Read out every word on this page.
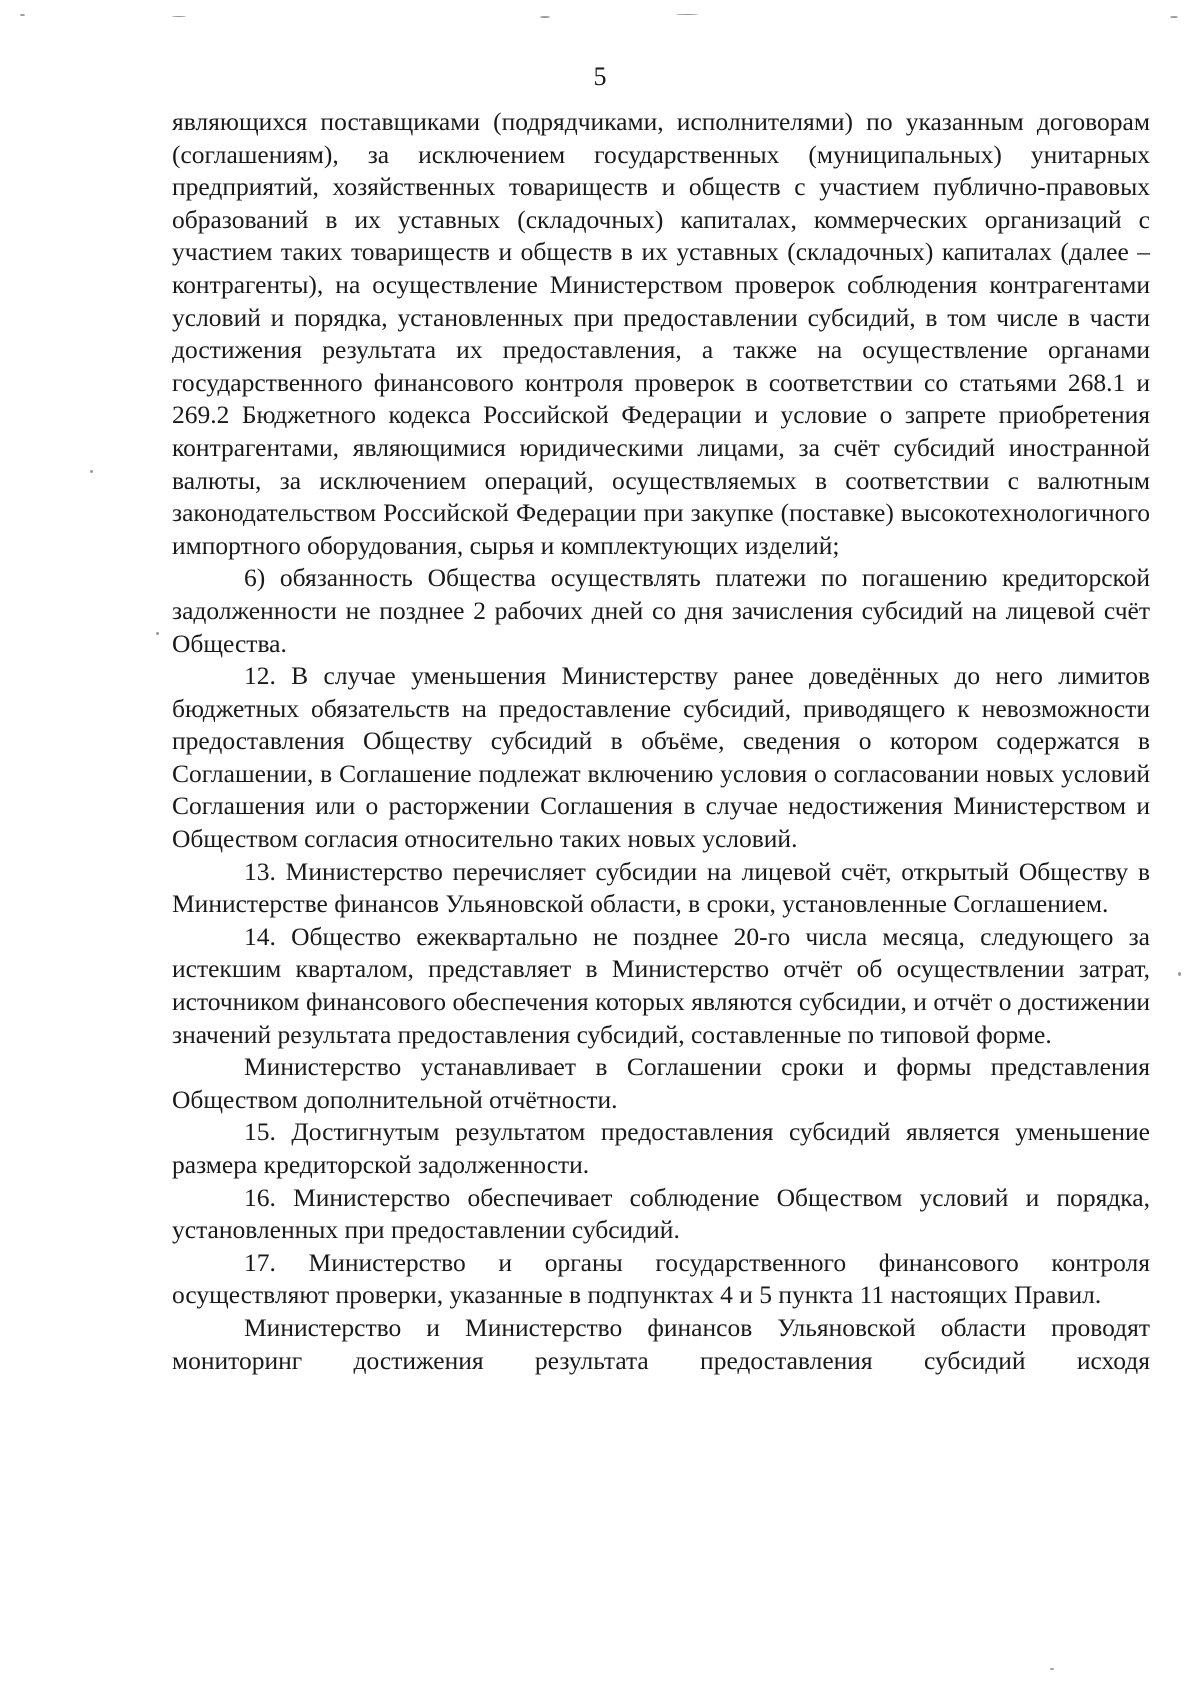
5

являющихся поставщиками (подрядчиками, исполнителями) по указанным договорам (соглашениям), за исключением государственных (муниципальных) унитарных предприятий, хозяйственных товариществ и обществ с участием публично-правовых образований в их уставных (складочных) капиталах, коммерческих организаций с участием таких товариществ и обществ в их уставных (складочных) капиталах (далее – контрагенты), на осуществление Министерством проверок соблюдения контрагентами условий и порядка, установленных при предоставлении субсидий, в том числе в части достижения результата их предоставления, а также на осуществление органами государственного финансового контроля проверок в соответствии со статьями 268.1 и 269.2 Бюджетного кодекса Российской Федерации и условие о запрете приобретения контрагентами, являющимися юридическими лицами, за счёт субсидий иностранной валюты, за исключением операций, осуществляемых в соответствии с валютным законодательством Российской Федерации при закупке (поставке) высокотехнологичного импортного оборудования, сырья и комплектующих изделий;

6) обязанность Общества осуществлять платежи по погашению кредиторской задолженности не позднее 2 рабочих дней со дня зачисления субсидий на лицевой счёт Общества.

12. В случае уменьшения Министерству ранее доведённых до него лимитов бюджетных обязательств на предоставление субсидий, приводящего к невозможности предоставления Обществу субсидий в объёме, сведения о котором содержатся в Соглашении, в Соглашение подлежат включению условия о согласовании новых условий Соглашения или о расторжении Соглашения в случае недостижения Министерством и Обществом согласия относительно таких новых условий.

13. Министерство перечисляет субсидии на лицевой счёт, открытый Обществу в Министерстве финансов Ульяновской области, в сроки, установленные Соглашением.

14. Общество ежеквартально не позднее 20-го числа месяца, следующего за истекшим кварталом, представляет в Министерство отчёт об осуществлении затрат, источником финансового обеспечения которых являются субсидии, и отчёт о достижении значений результата предоставления субсидий, составленные по типовой форме.

Министерство устанавливает в Соглашении сроки и формы представления Обществом дополнительной отчётности.

15. Достигнутым результатом предоставления субсидий является уменьшение размера кредиторской задолженности.

16. Министерство обеспечивает соблюдение Обществом условий и порядка, установленных при предоставлении субсидий.

17. Министерство и органы государственного финансового контроля осуществляют проверки, указанные в подпунктах 4 и 5 пункта 11 настоящих Правил.

Министерство и Министерство финансов Ульяновской области проводят мониторинг достижения результата предоставления субсидий исходя
